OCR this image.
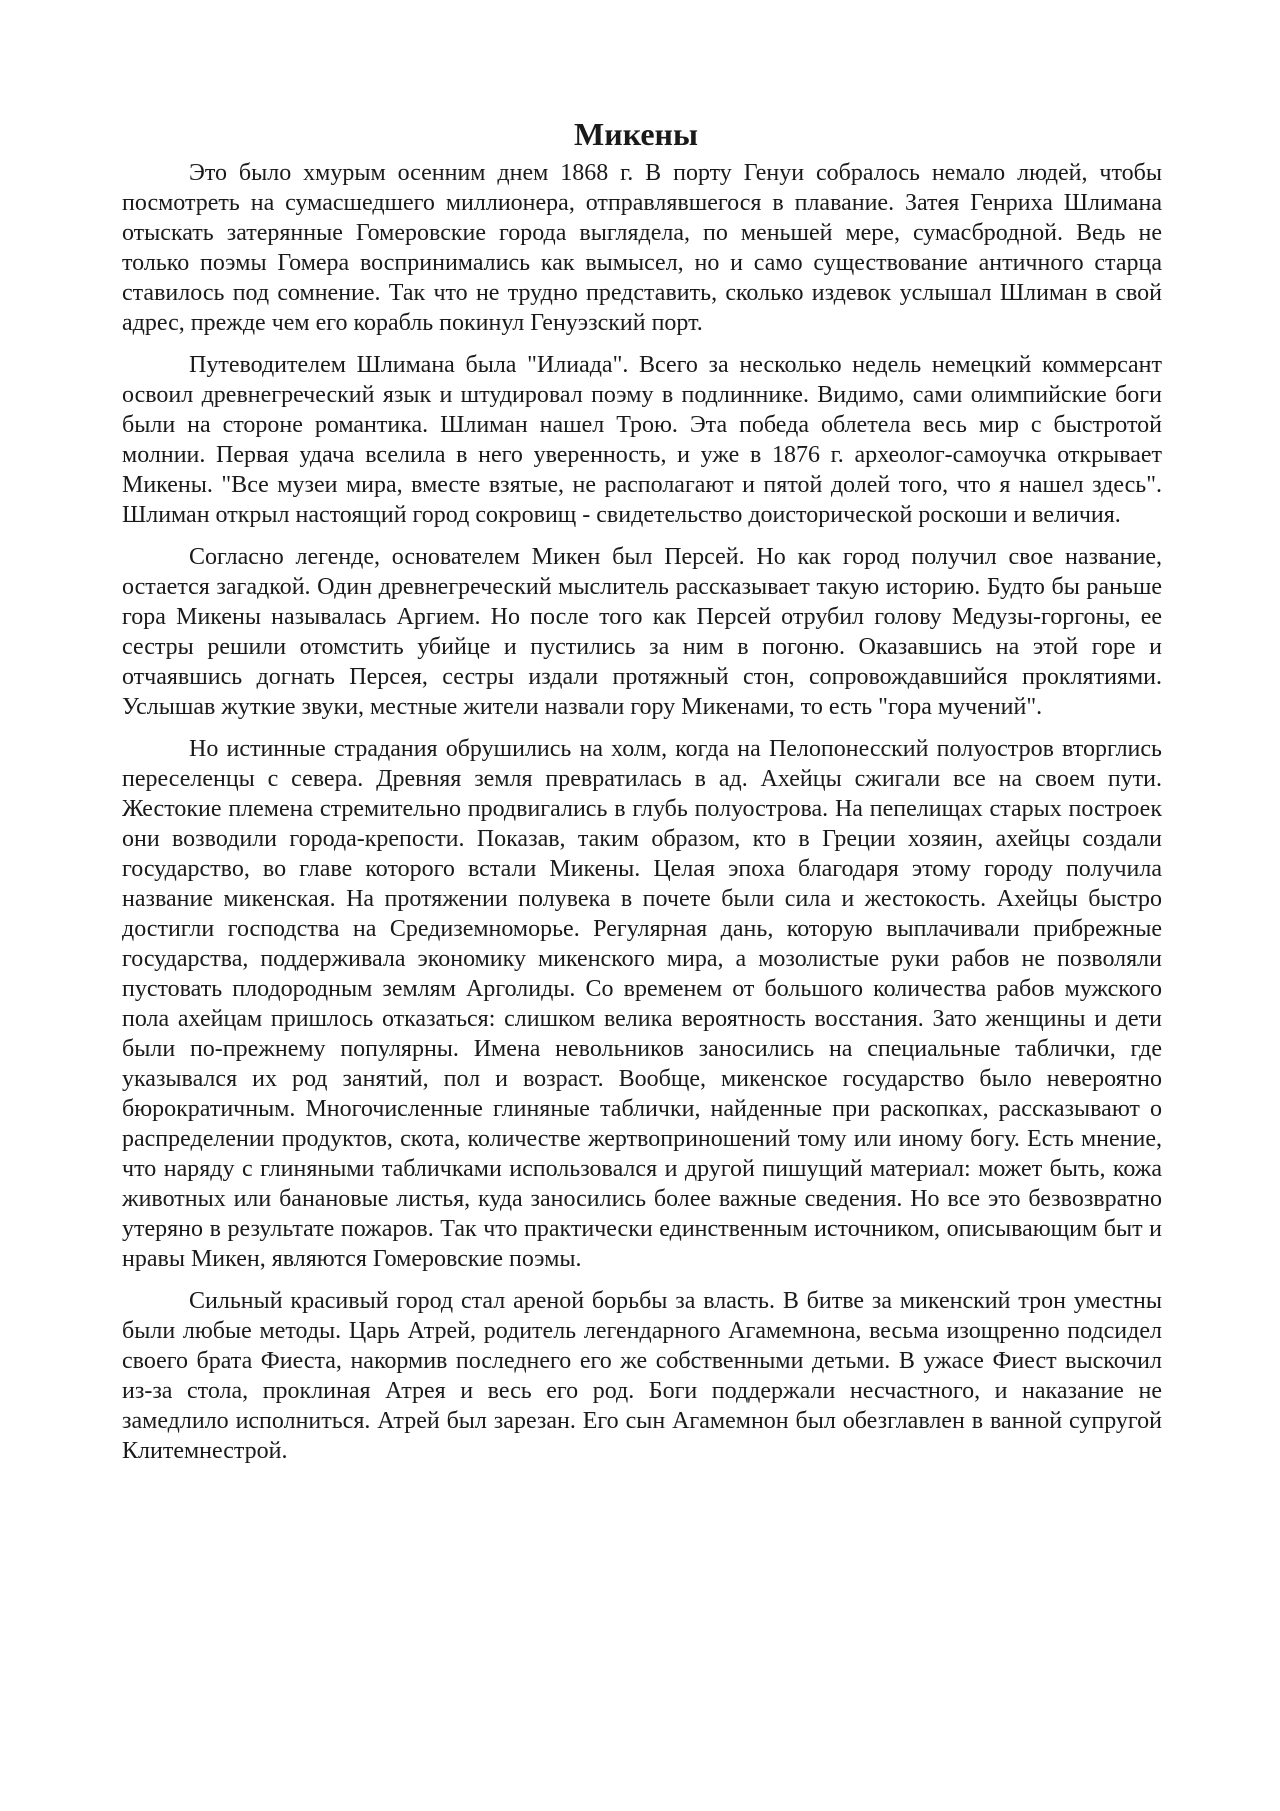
Микены

Это было хмурым осенним днем 1868 г. В порту Генуи собралось немало людей, чтобы посмотреть на сумасшедшего миллионера, отправлявшегося в плавание. Затея Генриха Шлимана отыскать затерянные Гомеровские города выглядела, по меньшей мере, сумасбродной. Ведь не только поэмы Гомера воспринимались как вымысел, но и само существование античного старца ставилось под сомнение. Так что не трудно представить, сколько издевок услышал Шлиман в свой адрес, прежде чем его корабль покинул Генуэзский порт.

Путеводителем Шлимана была "Илиада". Всего за несколько недель немецкий коммерсант освоил древнегреческий язык и штудировал поэму в подлиннике. Видимо, сами олимпийские боги были на стороне романтика. Шлиман нашел Трою. Эта победа облетела весь мир с быстротой молнии. Первая удача вселила в него уверенность, и уже в 1876 г. археолог-самоучка открывает Микены. "Все музеи мира, вместе взятые, не располагают и пятой долей того, что я нашел здесь". Шлиман открыл настоящий город сокровищ - свидетельство доисторической роскоши и величия.

Согласно легенде, основателем Микен был Персей. Но как город получил свое название, остается загадкой. Один древнегреческий мыслитель рассказывает такую историю. Будто бы раньше гора Микены называлась Аргием. Но после того как Персей отрубил голову Медузы-горгоны, ее сестры решили отомстить убийце и пустились за ним в погоню. Оказавшись на этой горе и отчаявшись догнать Персея, сестры издали протяжный стон, сопровождавшийся проклятиями. Услышав жуткие звуки, местные жители назвали гору Микенами, то есть "гора мучений".

Но истинные страдания обрушились на холм, когда на Пелопонесский полуостров вторглись переселенцы с севера. Древняя земля превратилась в ад. Ахейцы сжигали все на своем пути. Жестокие племена стремительно продвигались в глубь полуострова. На пепелищах старых построек они возводили города-крепости. Показав, таким образом, кто в Греции хозяин, ахейцы создали государство, во главе которого встали Микены. Целая эпоха благодаря этому городу получила название микенская. На протяжении полувека в почете были сила и жестокость. Ахейцы быстро достигли господства на Средиземноморье. Регулярная дань, которую выплачивали прибрежные государства, поддерживала экономику микенского мира, а мозолистые руки рабов не позволяли пустовать плодородным землям Арголиды. Со временем от большого количества рабов мужского пола ахейцам пришлось отказаться: слишком велика вероятность восстания. Зато женщины и дети были по-прежнему популярны. Имена невольников заносились на специальные таблички, где указывался их род занятий, пол и возраст. Вообще, микенское государство было невероятно бюрократичным. Многочисленные глиняные таблички, найденные при раскопках, рассказывают о распределении продуктов, скота, количестве жертвоприношений тому или иному богу. Есть мнение, что наряду с глиняными табличками использовался и другой пишущий материал: может быть, кожа животных или банановые листья, куда заносились более важные сведения. Но все это безвозвратно утеряно в результате пожаров. Так что практически единственным источником, описывающим быт и нравы Микен, являются Гомеровские поэмы.

Сильный красивый город стал ареной борьбы за власть. В битве за микенский трон уместны были любые методы. Царь Атрей, родитель легендарного Агамемнона, весьма изощренно подсидел своего брата Фиеста, накормив последнего его же собственными детьми. В ужасе Фиест выскочил из-за стола, проклиная Атрея и весь его род. Боги поддержали несчастного, и наказание не замедлило исполниться. Атрей был зарезан. Его сын Агамемнон был обезглавлен в ванной супругой Клитемнестрой.
